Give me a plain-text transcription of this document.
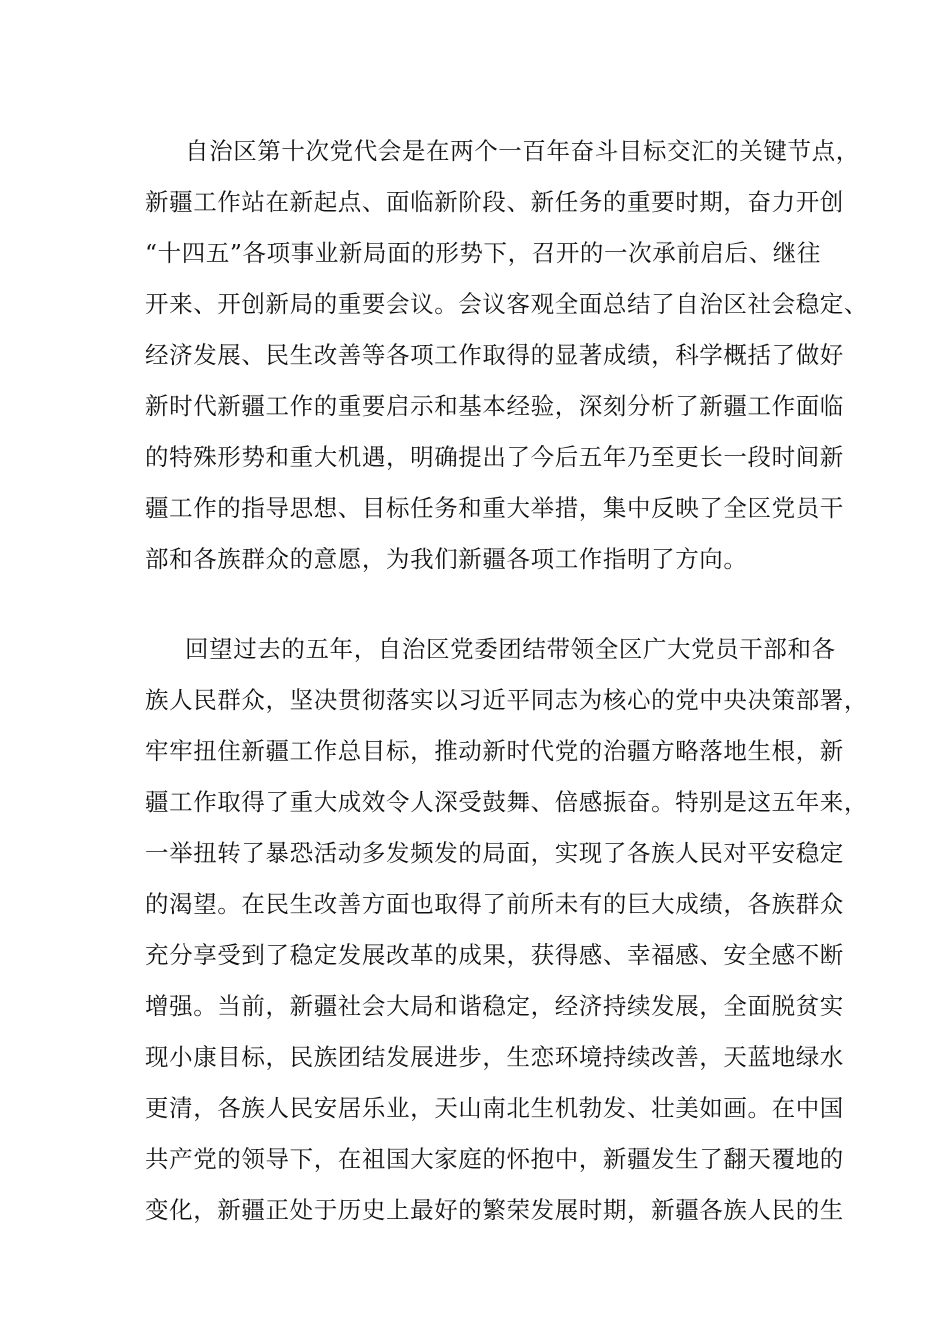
自治区第十次党代会是在两个一百年奋斗目标交汇的关键节点，
新疆工作站在新起点、面临新阶段、新任务的重要时期，奋力开创
“十四五”各项事业新局面的形势下，召开的一次承前启后、继往
开来、开创新局的重要会议。会议客观全面总结了自治区社会稳定、
经济发展、民生改善等各项工作取得的显著成绩，科学概括了做好
新时代新疆工作的重要启示和基本经验，深刻分析了新疆工作面临
的特殊形势和重大机遇，明确提出了今后五年乃至更长一段时间新
疆工作的指导思想、目标任务和重大举措，集中反映了全区党员干
部和各族群众的意愿，为我们新疆各项工作指明了方向。
回望过去的五年，自治区党委团结带领全区广大党员干部和各
族人民群众，坚决贯彻落实以习近平同志为核心的党中央决策部署，
牢牢扭住新疆工作总目标，推动新时代党的治疆方略落地生根，新
疆工作取得了重大成效令人深受鼓舞、倍感振奋。特别是这五年来，
一举扭转了暴恐活动多发频发的局面，实现了各族人民对平安稳定
的渴望。在民生改善方面也取得了前所未有的巨大成绩，各族群众
充分享受到了稳定发展改革的成果，获得感、幸福感、安全感不断
增强。当前，新疆社会大局和谐稳定，经济持续发展，全面脱贫实
现小康目标，民族团结发展进步，生恋环境持续改善，天蓝地绿水
更清，各族人民安居乐业，天山南北生机勃发、壮美如画。在中国
共产党的领导下，在祖国大家庭的怀抱中，新疆发生了翻天覆地的
变化，新疆正处于历史上最好的繁荣发展时期，新疆各族人民的生
